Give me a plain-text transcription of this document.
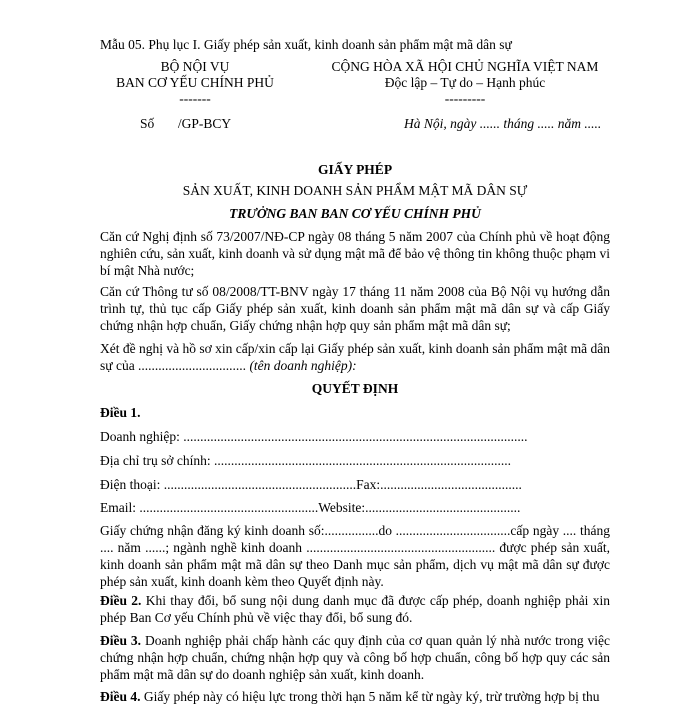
Mẫu 05. Phụ lục I. Giấy phép sản xuất, kinh doanh sản phẩm mật mã dân sự
BỘ NỘI VỤ
BAN CƠ YẾU CHÍNH PHỦ
-------
CỘNG HÒA XÃ HỘI CHỦ NGHĨA VIỆT NAM
Độc lập – Tự do – Hạnh phúc
---------
Số       /GP-BCY	Hà Nội, ngày ...... tháng ..... năm .....
GIẤY PHÉP
SẢN XUẤT, KINH DOANH SẢN PHẨM MẬT MÃ DÂN SỰ
TRƯỞNG BAN BAN CƠ YẾU CHÍNH PHỦ
Căn cứ Nghị định số 73/2007/NĐ-CP ngày 08 tháng 5 năm 2007 của Chính phủ về hoạt động nghiên cứu, sản xuất, kinh doanh và sử dụng mật mã để bảo vệ thông tin không thuộc phạm vi bí mật Nhà nước;
Căn cứ Thông tư số 08/2008/TT-BNV ngày 17 tháng 11 năm 2008 của Bộ Nội vụ hướng dẫn trình tự, thủ tục cấp Giấy phép sản xuất, kinh doanh sản phẩm mật mã dân sự và cấp Giấy chứng nhận hợp chuẩn, Giấy chứng nhận hợp quy sản phẩm mật mã dân sự;
Xét đề nghị và hồ sơ xin cấp/xin cấp lại Giấy phép sản xuất, kinh doanh sản phẩm mật mã dân sự của ................................ (tên doanh nghiệp):
QUYẾT ĐỊNH
Điều 1.
Doanh nghiệp: ......................................................................................................
Địa chỉ trụ sở chính: ........................................................................................
Điện thoại: .........................................................Fax:..........................................
Email: .....................................................Website:..............................................
Giấy chứng nhận đăng ký kinh doanh số:................do ..................................cấp ngày .... tháng .... năm ......; ngành nghề kinh doanh ........................................................ được phép sản xuất, kinh doanh sản phẩm mật mã dân sự theo Danh mục sản phẩm, dịch vụ mật mã dân sự được phép sản xuất, kinh doanh kèm theo Quyết định này.
Điều 2. Khi thay đổi, bổ sung nội dung danh mục đã được cấp phép, doanh nghiệp phải xin phép Ban Cơ yếu Chính phủ về việc thay đổi, bổ sung đó.
Điều 3. Doanh nghiệp phải chấp hành các quy định của cơ quan quản lý nhà nước trong việc chứng nhận hợp chuẩn, chứng nhận hợp quy và công bố hợp chuẩn, công bố hợp quy các sản phẩm mật mã dân sự do doanh nghiệp sản xuất, kinh doanh.
Điều 4. Giấy phép này có hiệu lực trong thời hạn 5 năm kể từ ngày ký, trừ trường hợp bị thu
